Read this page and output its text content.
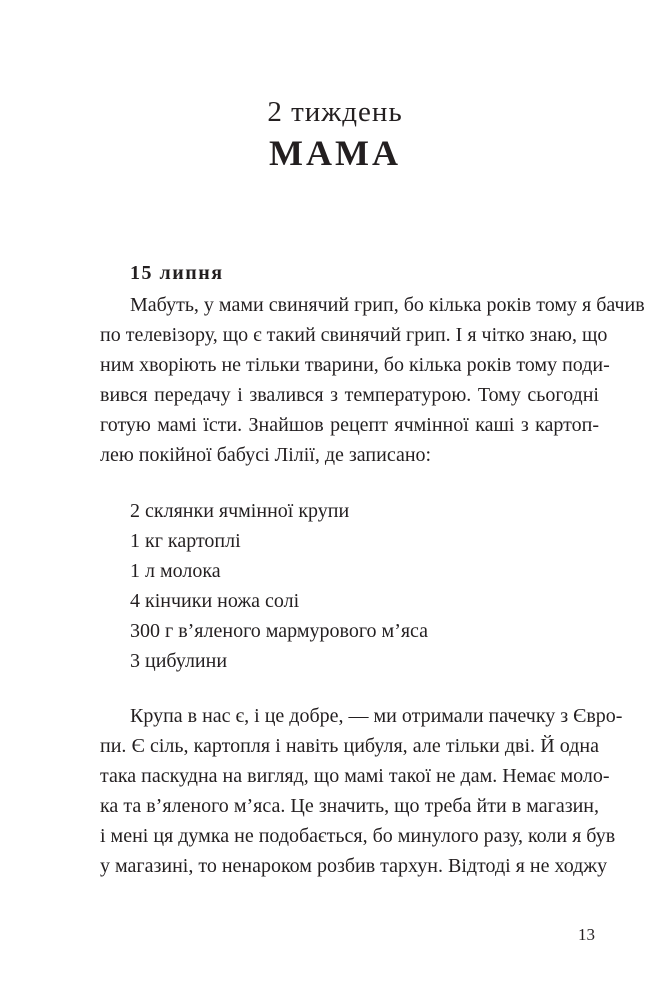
2 тиждень
МАМА
15 липня
Мабуть, у мами свинячий грип, бо кілька років тому я бачив
по телевізору, що є такий свинячий грип. І я чітко знаю, що
ним хворіють не тільки тварини, бо кілька років тому поди-
вився передачу і звалився з температурою. Тому сьогодні
готую мамі їсти. Знайшов рецепт ячмінної каші з картоп-
лею покійної бабусі Лілії, де записано:
2 склянки ячмінної крупи
1 кг картоплі
1 л молока
4 кінчики ножа солі
300 г в’яленого мармурового м’яса
3 цибулини
Крупа в нас є, і це добре, — ми отримали пачечку з Євро-
пи. Є сіль, картопля і навіть цибуля, але тільки дві. Й одна
така паскудна на вигляд, що мамі такої не дам. Немає моло-
ка та в’яленого м’яса. Це значить, що треба йти в магазин,
і мені ця думка не подобається, бо минулого разу, коли я був
у магазині, то ненароком розбив тархун. Відтоді я не ходжу
13
